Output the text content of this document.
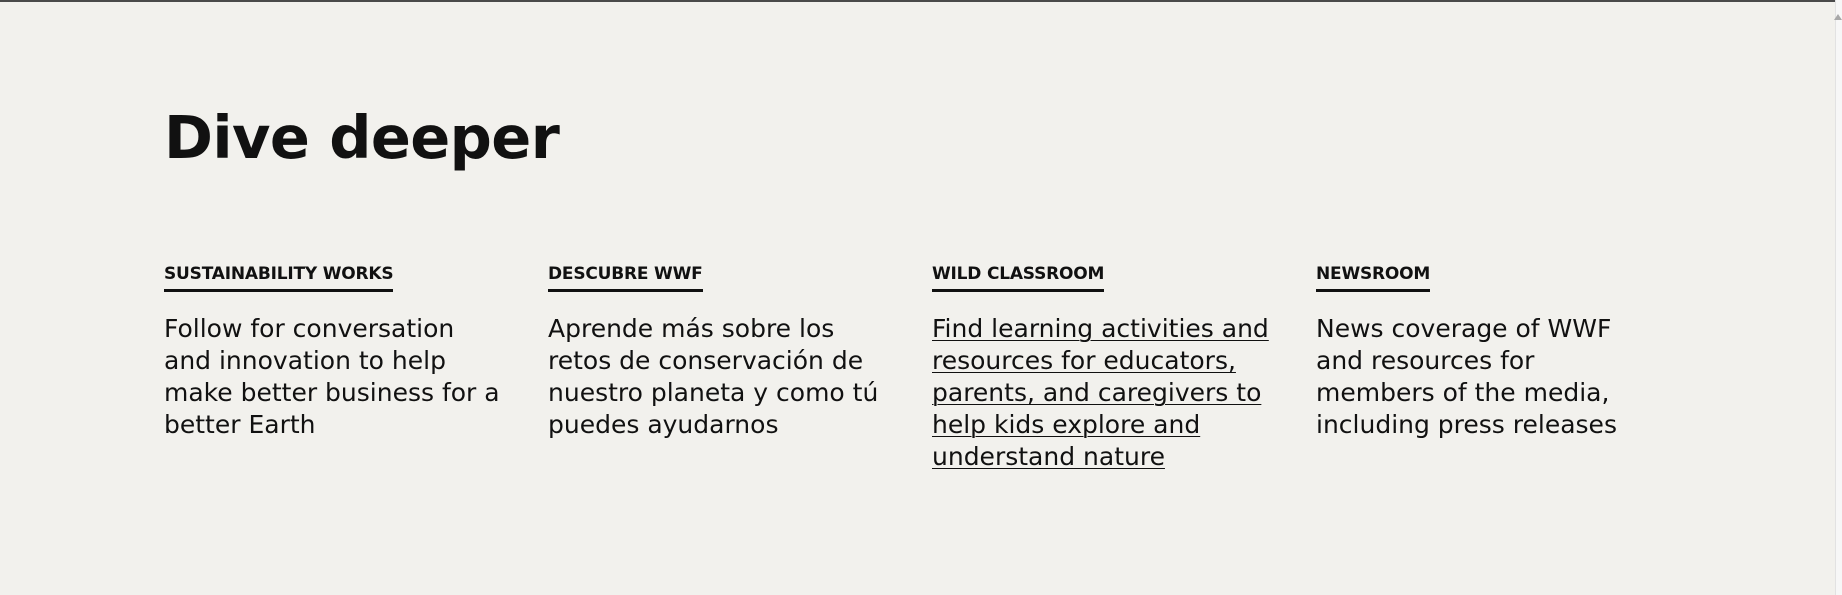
Dive deeper
SUSTAINABILITY WORKS
Follow for conversation and innovation to help make better business for a better Earth
DESCUBRE WWF
Aprende más sobre los retos de conservación de nuestro planeta y como tú puedes ayudarnos
WILD CLASSROOM
Find learning activities and resources for educators, parents, and caregivers to help kids explore and understand nature
NEWSROOM
News coverage of WWF and resources for members of the media, including press releases
